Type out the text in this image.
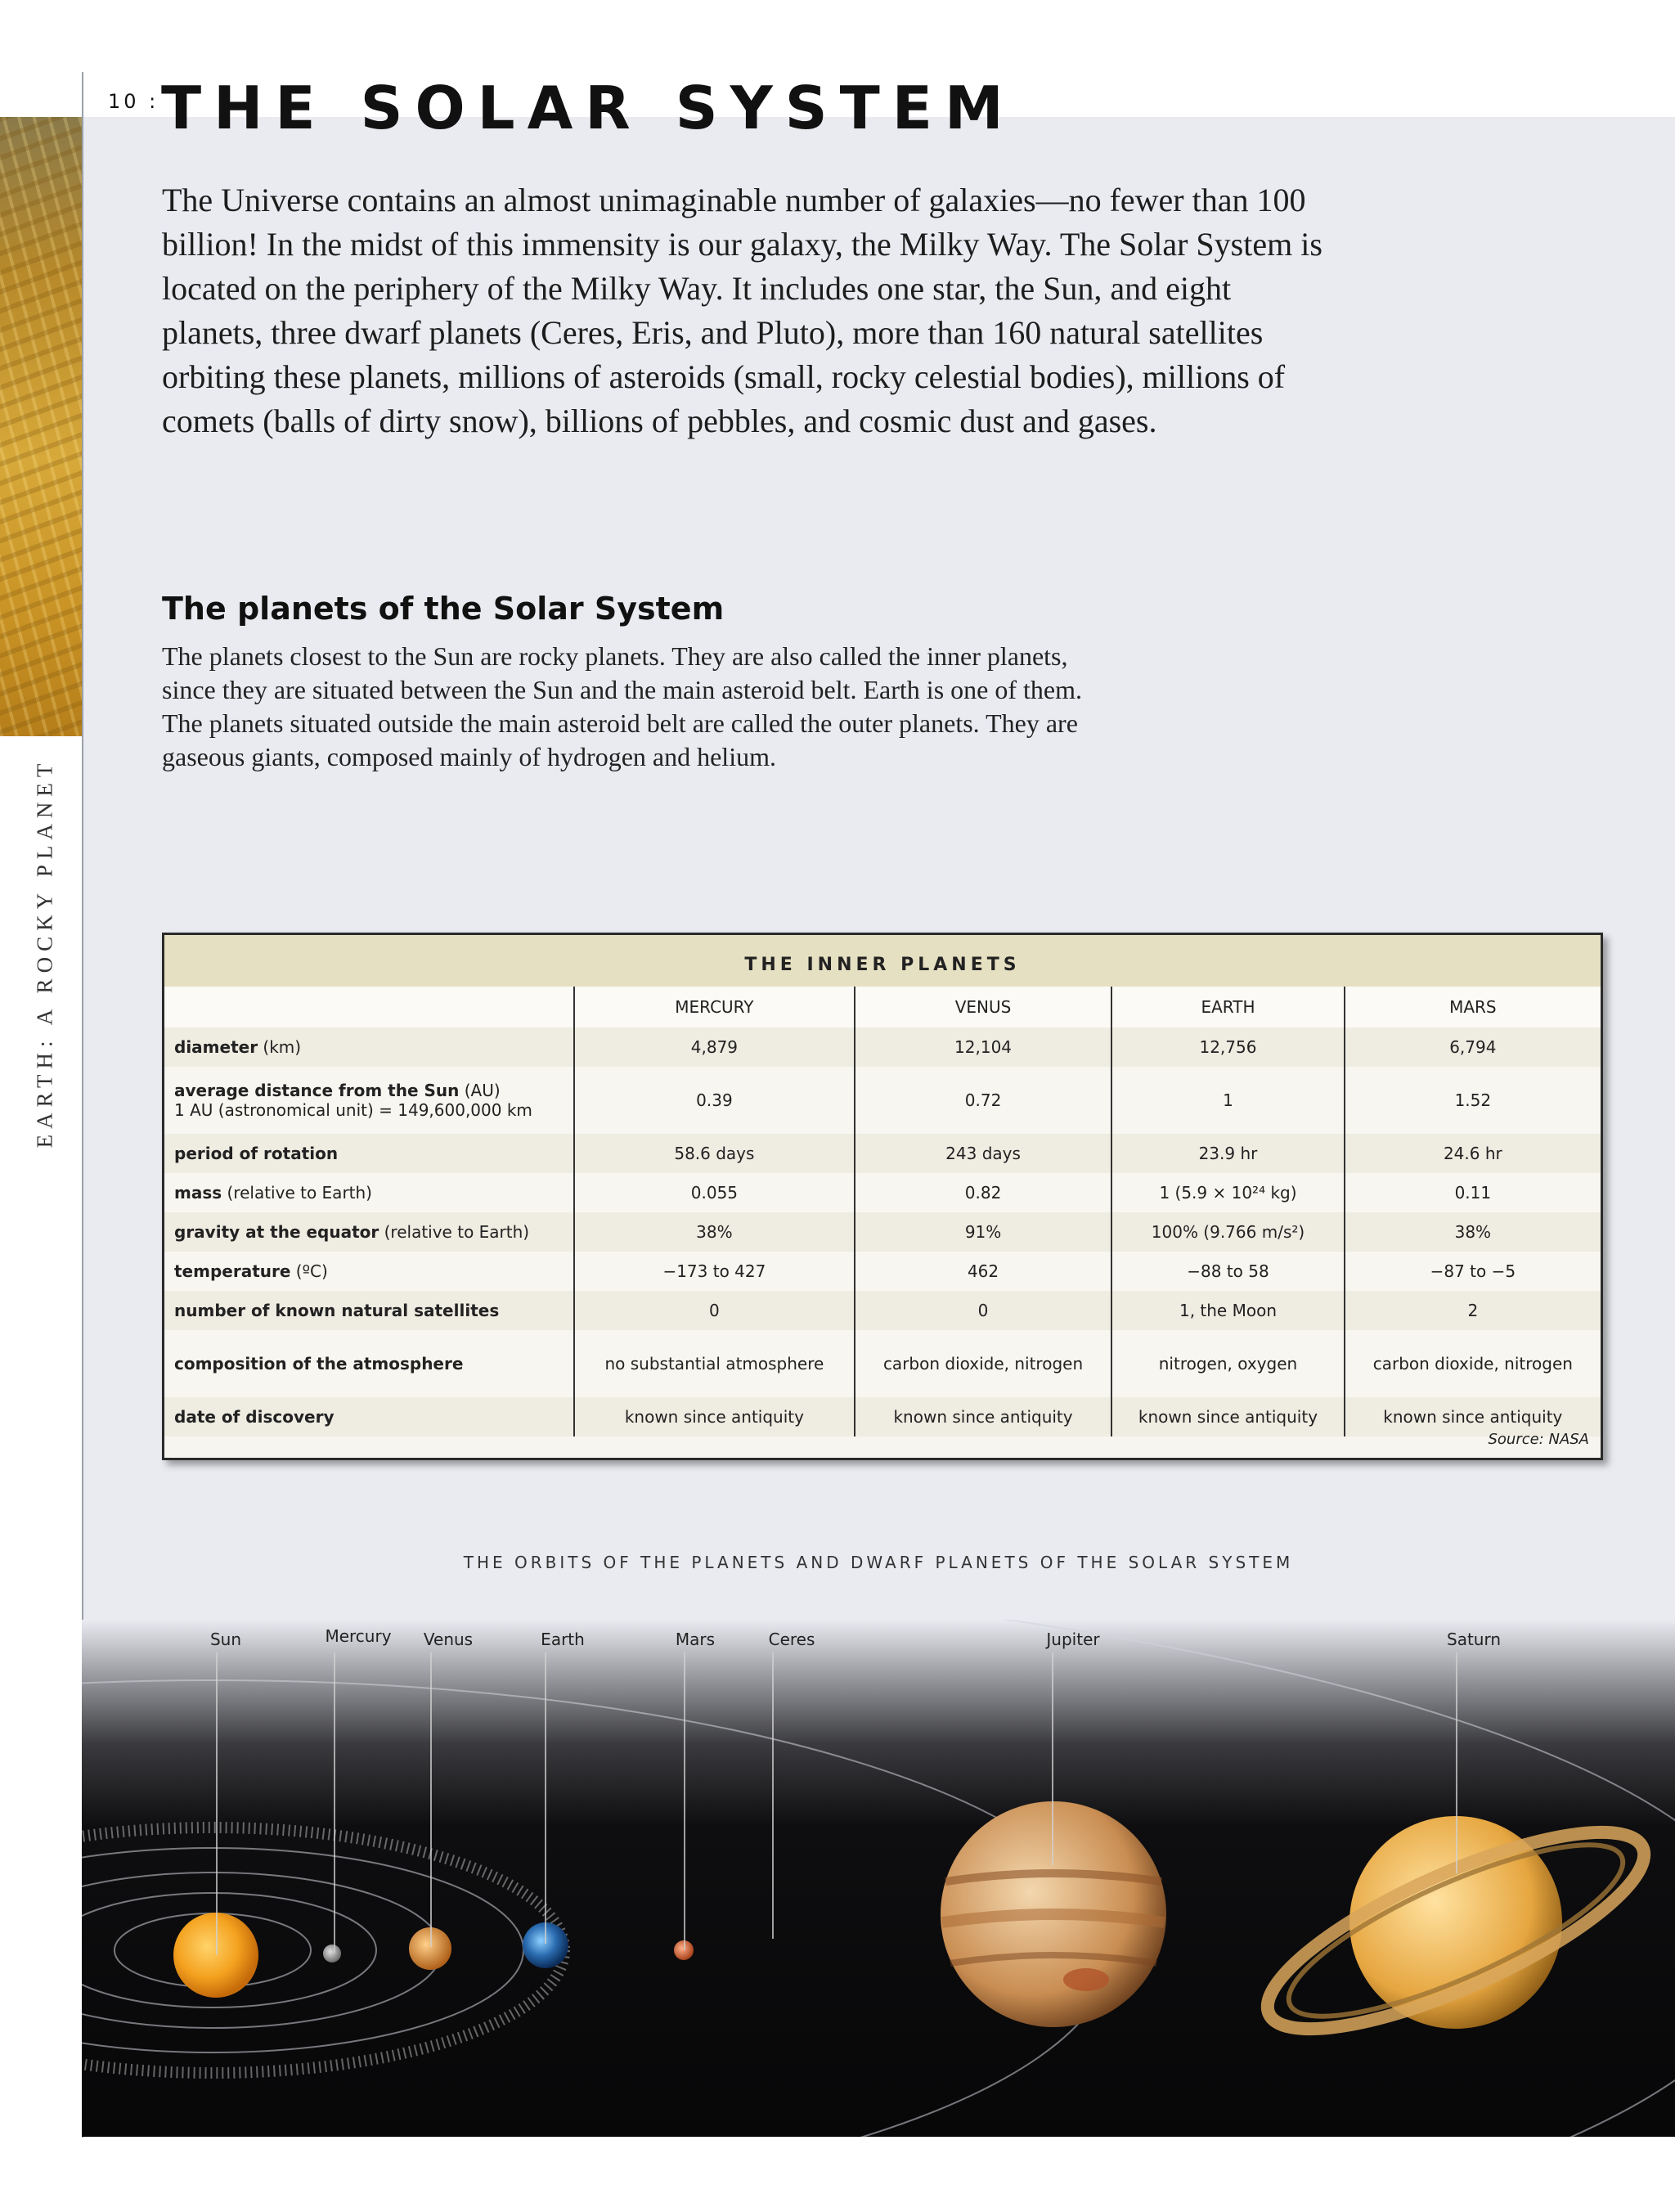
EARTH: A ROCKY PLANET
10 : THE SOLAR SYSTEM
The Universe contains an almost unimaginable number of galaxies—no fewer than 100 billion! In the midst of this immensity is our galaxy, the Milky Way. The Solar System is located on the periphery of the Milky Way. It includes one star, the Sun, and eight planets, three dwarf planets (Ceres, Eris, and Pluto), more than 160 natural satellites orbiting these planets, millions of asteroids (small, rocky celestial bodies), millions of comets (balls of dirty snow), billions of pebbles, and cosmic dust and gases.
The planets of the Solar System
The planets closest to the Sun are rocky planets. They are also called the inner planets, since they are situated between the Sun and the main asteroid belt. Earth is one of them. The planets situated outside the main asteroid belt are called the outer planets. They are gaseous giants, composed mainly of hydrogen and helium.
THE INNER PLANETS				
	MERCURY	VENUS	EARTH	MARS
diameter (km)	4,879	12,104	12,756	6,794
average distance from the Sun (AU)
1 AU (astronomical unit) = 149,600,000 km	0.39	0.72	1	1.52
period of rotation	58.6 days	243 days	23.9 hr	24.6 hr
mass (relative to Earth)	0.055	0.82	1 (5.9 × 10²⁴ kg)	0.11
gravity at the equator (relative to Earth)	38%	91%	100% (9.766 m/s²)	38%
temperature (ºC)	−173 to 427	462	−88 to 58	−87 to −5
number of known natural satellites	0	0	1, the Moon	2
composition of the atmosphere	no substantial atmosphere	carbon dioxide, nitrogen	nitrogen, oxygen	carbon dioxide, nitrogen
date of discovery	known since antiquity	known since antiquity	known since antiquity	known since antiquity
Source: NASA
THE ORBITS OF THE PLANETS AND DWARF PLANETS OF THE SOLAR SYSTEM
Sun	Mercury Venus	Earth	Mars	Ceres	Jupiter	Saturn
